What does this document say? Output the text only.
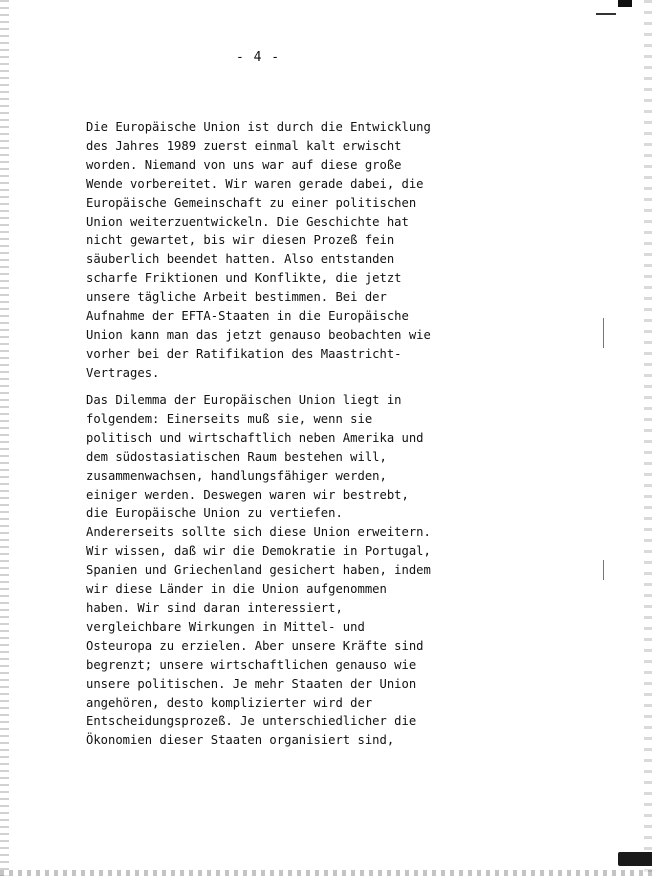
- 4 -
Die Europäische Union ist durch die Entwicklung
des Jahres 1989 zuerst einmal kalt erwischt
worden. Niemand von uns war auf diese große
Wende vorbereitet. Wir waren gerade dabei, die
Europäische Gemeinschaft zu einer politischen
Union weiterzuentwickeln. Die Geschichte hat
nicht gewartet, bis wir diesen Prozeß fein
säuberlich beendet hatten. Also entstanden
scharfe Friktionen und Konflikte, die jetzt
unsere tägliche Arbeit bestimmen. Bei der
Aufnahme der EFTA-Staaten in die Europäische
Union kann man das jetzt genauso beobachten wie
vorher bei der Ratifikation des Maastricht-
Vertrages.
Das Dilemma der Europäischen Union liegt in
folgendem: Einerseits muß sie, wenn sie
politisch und wirtschaftlich neben Amerika und
dem südostasiatischen Raum bestehen will,
zusammenwachsen, handlungsfähiger werden,
einiger werden. Deswegen waren wir bestrebt,
die Europäische Union zu vertiefen.
Andererseits sollte sich diese Union erweitern.
Wir wissen, daß wir die Demokratie in Portugal,
Spanien und Griechenland gesichert haben, indem
wir diese Länder in die Union aufgenommen
haben. Wir sind daran interessiert,
vergleichbare Wirkungen in Mittel- und
Osteuropa zu erzielen. Aber unsere Kräfte sind
begrenzt; unsere wirtschaftlichen genauso wie
unsere politischen. Je mehr Staaten der Union
angehören, desto komplizierter wird der
Entscheidungsprozeß. Je unterschiedlicher die
Ökonomien dieser Staaten organisiert sind,
